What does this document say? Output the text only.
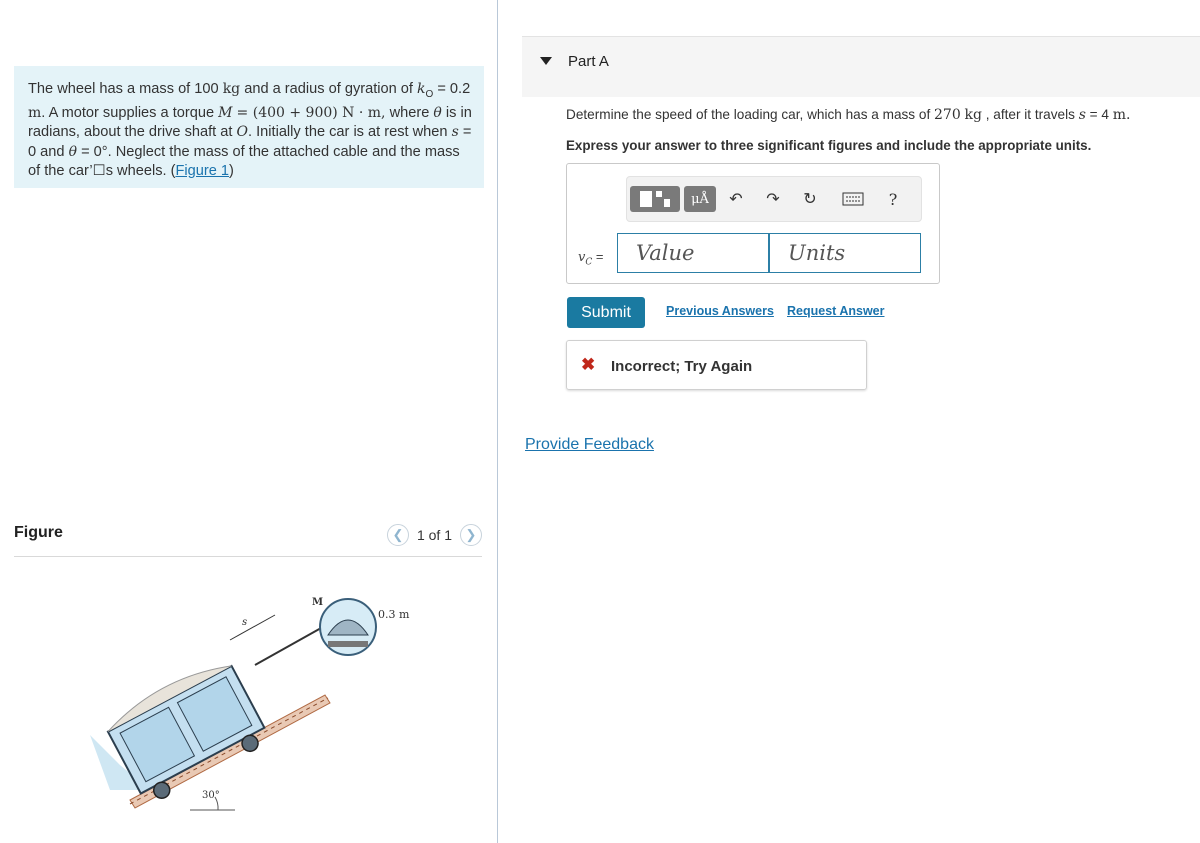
The wheel has a mass of 100 kg and a radius of gyration of $k_O = 0.2$ m. A motor supplies a torque M = (400 + 900) N · m, where θ is in radians, about the drive shaft at O. Initially the car is at rest when s = 0 and θ = 0°. Neglect the mass of the attached cable and the mass of the car’☐s wheels. (Figure 1)
Figure	❮ 1 of 1	❯
30°
s
M
0.3 m
Part A
Determine the speed of the loading car, which has a mass of 270 kg , after it travels s = 4 m.
Express your answer to three significant figures and include the appropriate units.
μÅ	↶ ↷ ↻	?
$v_C$ =	Value	Units
Submit	Previous Answers Request Answer
✖ Incorrect; Try Again
Provide Feedback
